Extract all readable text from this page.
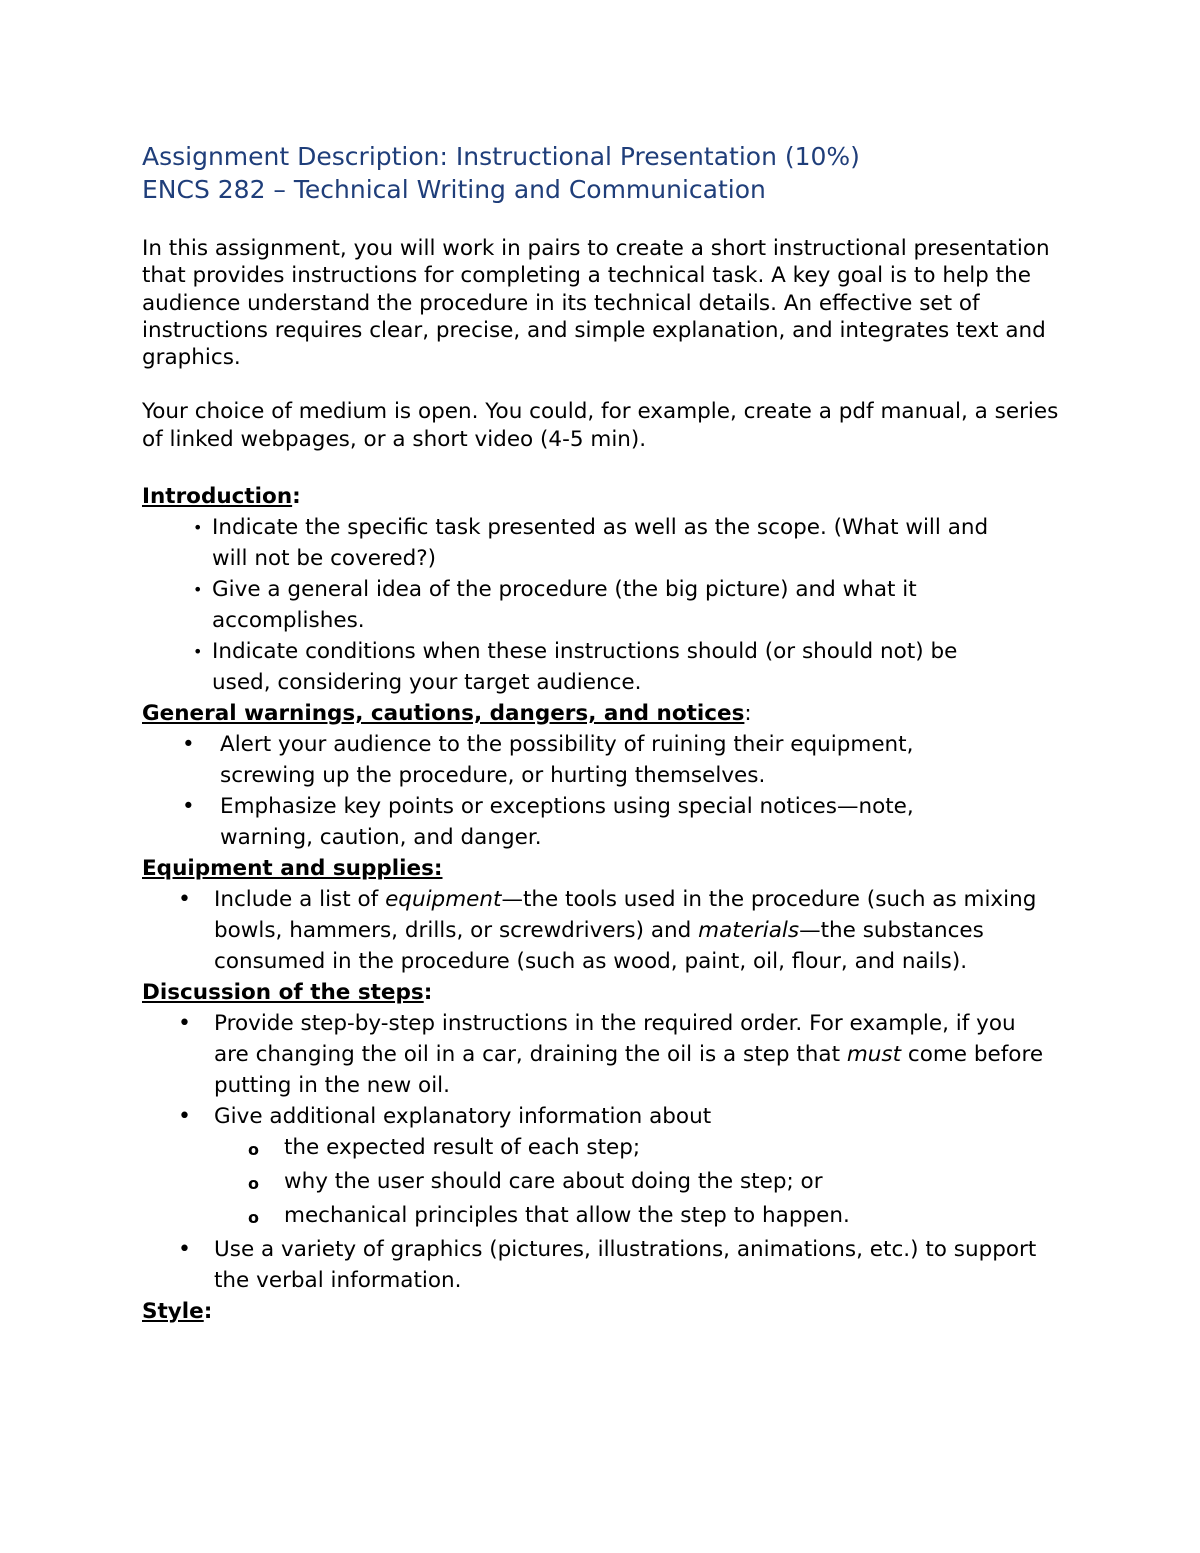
Assignment Description: Instructional Presentation (10%)
ENCS 282 – Technical Writing and Communication

In this assignment, you will work in pairs to create a short instructional presentation that provides instructions for completing a technical task. A key goal is to help the audience understand the procedure in its technical details. An effective set of instructions requires clear, precise, and simple explanation, and integrates text and graphics.

Your choice of medium is open. You could, for example, create a pdf manual, a series of linked webpages, or a short video (4-5 min).

Introduction:

• Indicate the specific task presented as well as the scope. (What will and will not be covered?)
• Give a general idea of the procedure (the big picture) and what it accomplishes.
• Indicate conditions when these instructions should (or should not) be used, considering your target audience.

General warnings, cautions, dangers, and notices:

• Alert your audience to the possibility of ruining their equipment, screwing up the procedure, or hurting themselves.
• Emphasize key points or exceptions using special notices—note, warning, caution, and danger.

Equipment and supplies:

• Include a list of equipment—the tools used in the procedure (such as mixing bowls, hammers, drills, or screwdrivers) and materials—the substances consumed in the procedure (such as wood, paint, oil, flour, and nails).

Discussion of the steps:

• Provide step-by-step instructions in the required order. For example, if you are changing the oil in a car, draining the oil is a step that must come before putting in the new oil.
• Give additional explanatory information about
o the expected result of each step;
o why the user should care about doing the step; or
o mechanical principles that allow the step to happen.
• Use a variety of graphics (pictures, illustrations, animations, etc.) to support the verbal information.

Style:
